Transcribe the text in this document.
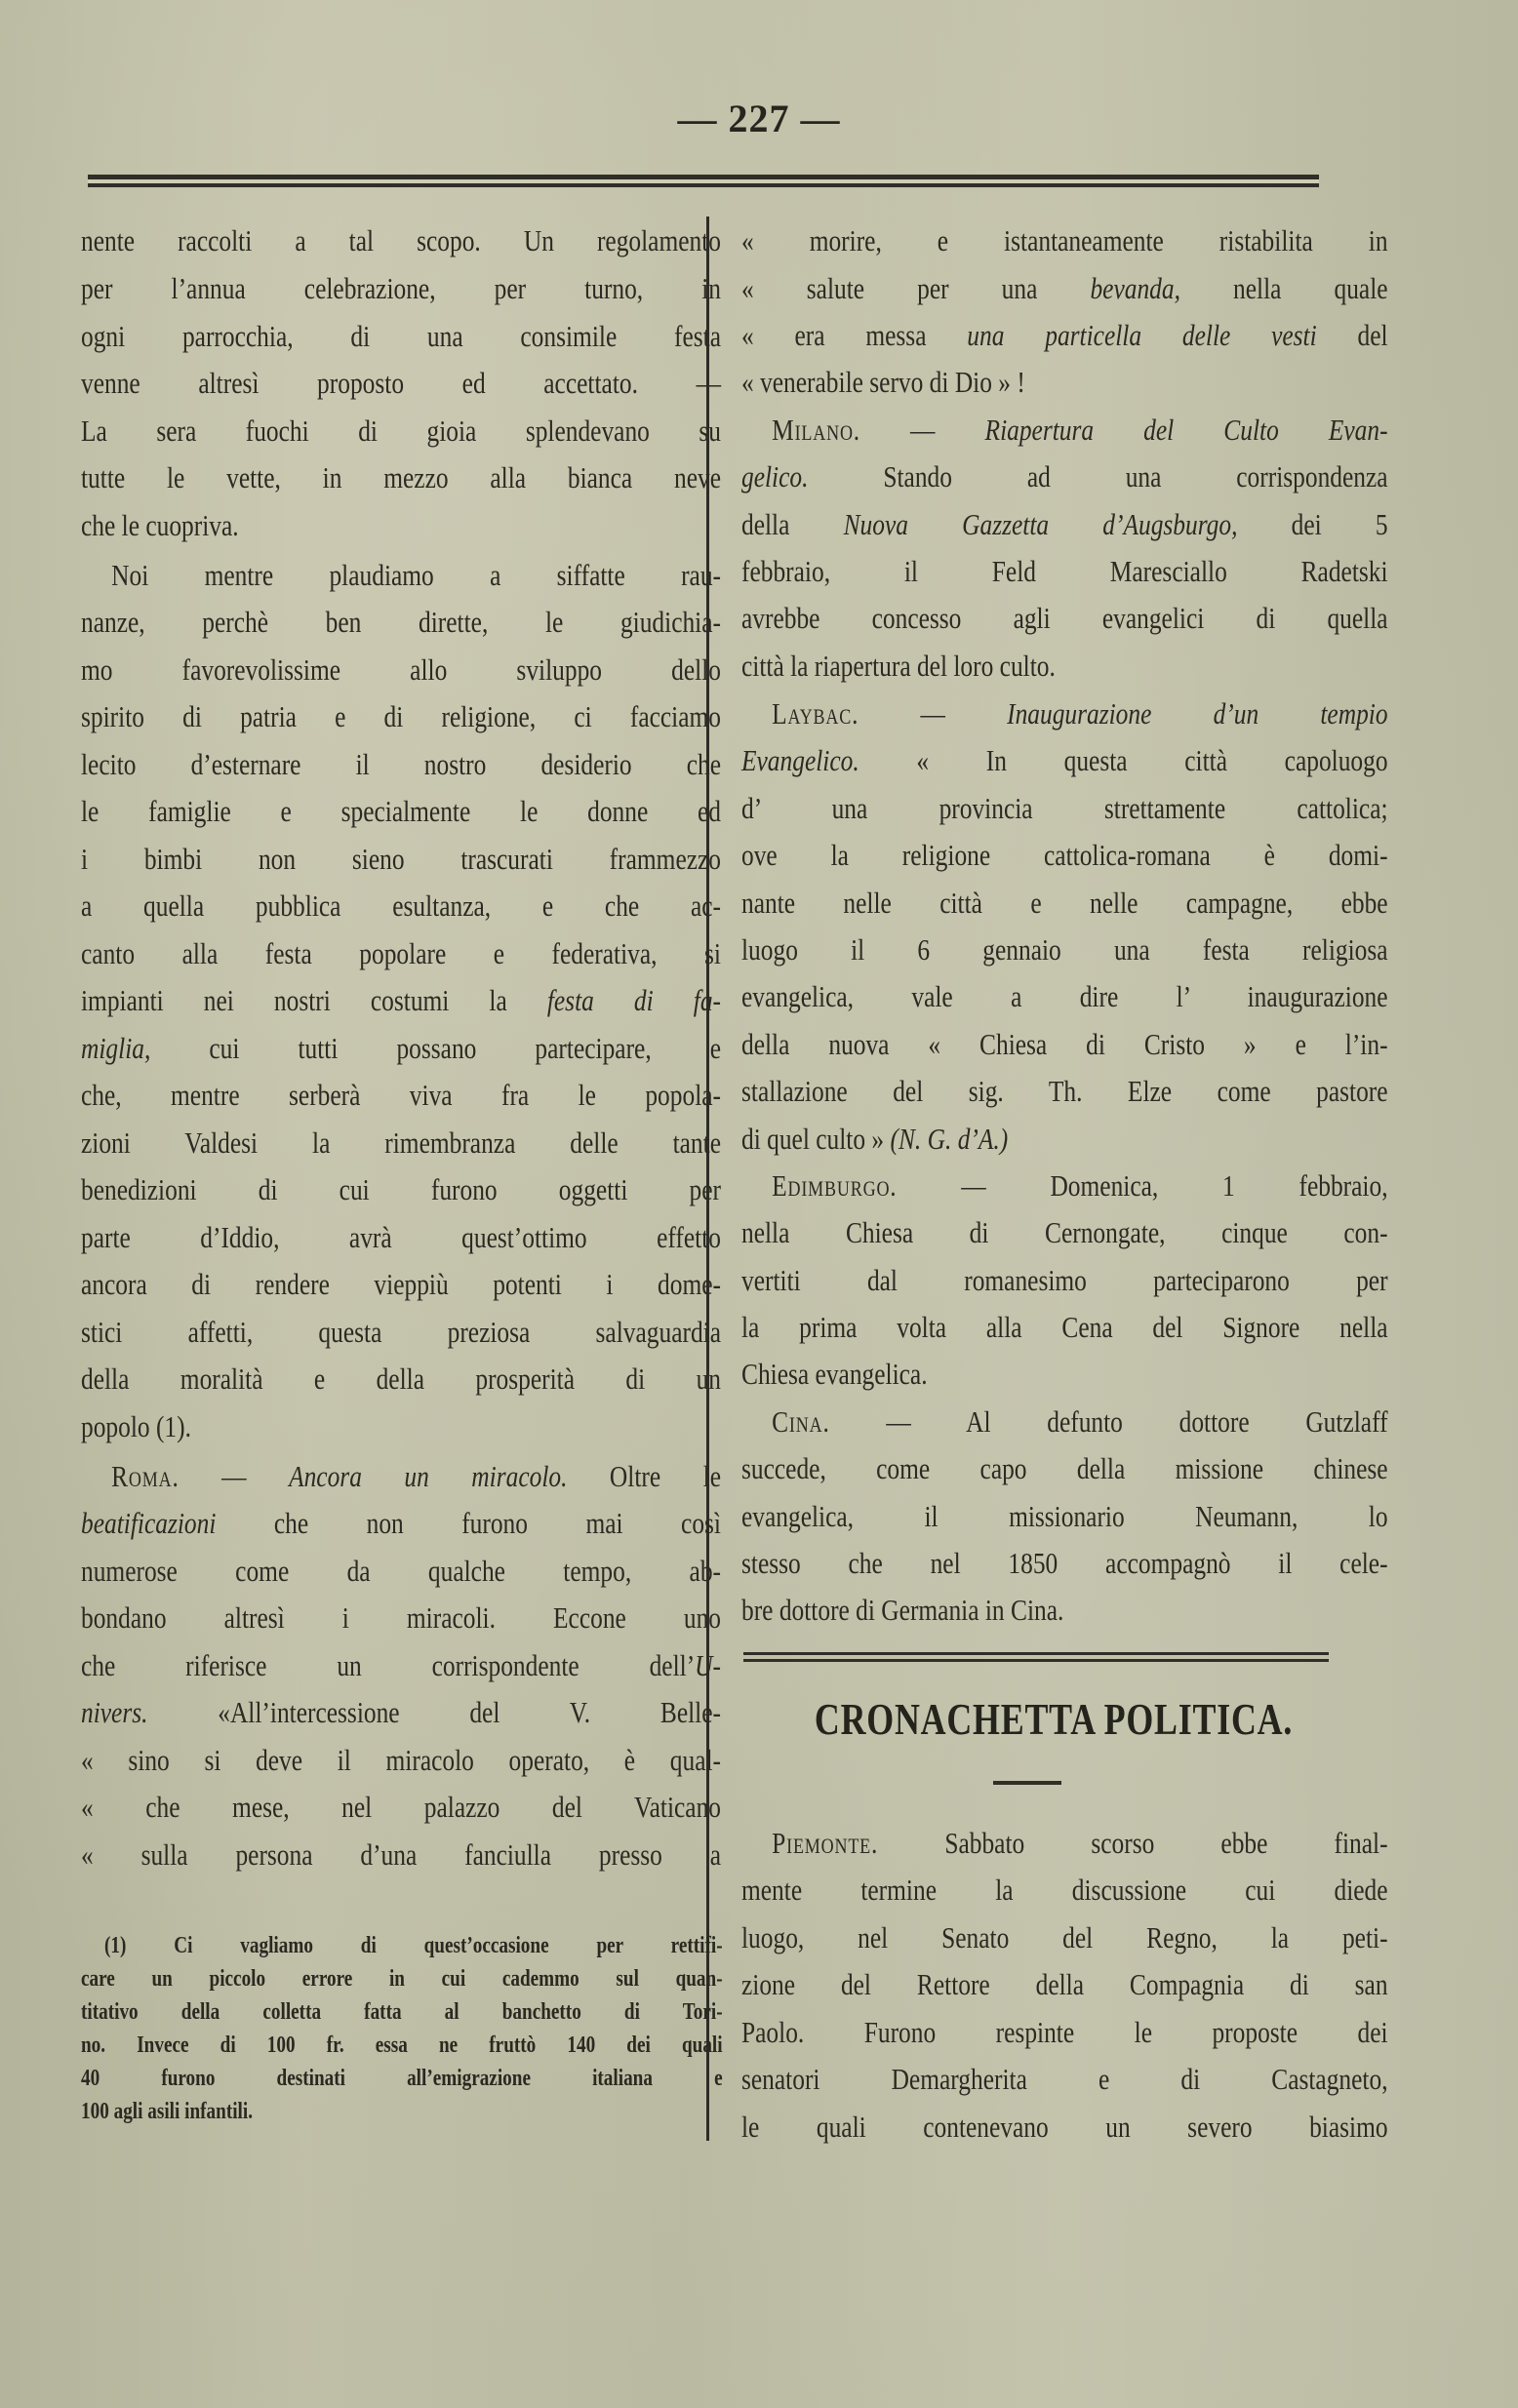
— 227 —
nente raccolti a tal scopo. Un regolamento
per l’annua celebrazione, per turno, in
ogni parrocchia, di una consimile festa
venne altresì proposto ed accettato. —
La sera fuochi di gioia splendevano su
tutte le vette, in mezzo alla bianca neve
che le cuopriva.
Noi mentre plaudiamo a siffatte rau-
nanze, perchè ben dirette, le giudichia-
mo favorevolissime allo sviluppo dello
spirito di patria e di religione, ci facciamo
lecito d’esternare il nostro desiderio che
le famiglie e specialmente le donne ed
i bimbi non sieno trascurati frammezzo
a quella pubblica esultanza, e che ac-
canto alla festa popolare e federativa, si
impianti nei nostri costumi la festa di fa-
miglia, cui tutti possano partecipare, e
che, mentre serberà viva fra le popola-
zioni Valdesi la rimembranza delle tante
benedizioni di cui furono oggetti per
parte d’Iddio, avrà quest’ottimo effetto
ancora di rendere vieppiù potenti i dome-
stici affetti, questa preziosa salvaguardia
della moralità e della prosperità di un
popolo (1).
Roma. — Ancora un miracolo. Oltre le
beatificazioni che non furono mai così
numerose come da qualche tempo, ab-
bondano altresì i miracoli. Eccone uno
che riferisce un corrispondente dell’U-
nivers. «All’intercessione del V. Belle-
« sino si deve il miracolo operato, è qual-
« che mese, nel palazzo del Vaticano
« sulla persona d’una fanciulla presso a
(1) Ci vagliamo di quest’occasione per rettifi-
care un piccolo errore in cui cademmo sul quan-
titativo della colletta fatta al banchetto di Tori-
no. Invece di 100 fr. essa ne fruttò 140 dei quali
40 furono destinati all’emigrazione italiana e
100 agli asili infantili.
« morire, e istantaneamente ristabilita in
« salute per una bevanda, nella quale
« era messa una particella delle vesti del
« venerabile servo di Dio » !
Milano. — Riapertura del Culto Evan-
gelico. Stando ad una corrispondenza
della Nuova Gazzetta d’Augsburgo, dei 5
febbraio, il Feld Maresciallo Radetski
avrebbe concesso agli evangelici di quella
città la riapertura del loro culto.
Laybac. — Inaugurazione d’un tempio
Evangelico. « In questa città capoluogo
d’ una provincia strettamente cattolica;
ove la religione cattolica-romana è domi-
nante nelle città e nelle campagne, ebbe
luogo il 6 gennaio una festa religiosa
evangelica, vale a dire l’ inaugurazione
della nuova « Chiesa di Cristo » e l’in-
stallazione del sig. Th. Elze come pastore
di quel culto » (N. G. d’A.)
Edimburgo. — Domenica, 1 febbraio,
nella Chiesa di Cernongate, cinque con-
vertiti dal romanesimo parteciparono per
la prima volta alla Cena del Signore nella
Chiesa evangelica.
Cina. — Al defunto dottore Gutzlaff
succede, come capo della missione chinese
evangelica, il missionario Neumann, lo
stesso che nel 1850 accompagnò il cele-
bre dottore di Germania in Cina.
CRONACHETTA POLITICA.
Piemonte. Sabbato scorso ebbe final-
mente termine la discussione cui diede
luogo, nel Senato del Regno, la peti-
zione del Rettore della Compagnia di san
Paolo. Furono respinte le proposte dei
senatori Demargherita e di Castagneto,
le quali contenevano un severo biasimo
